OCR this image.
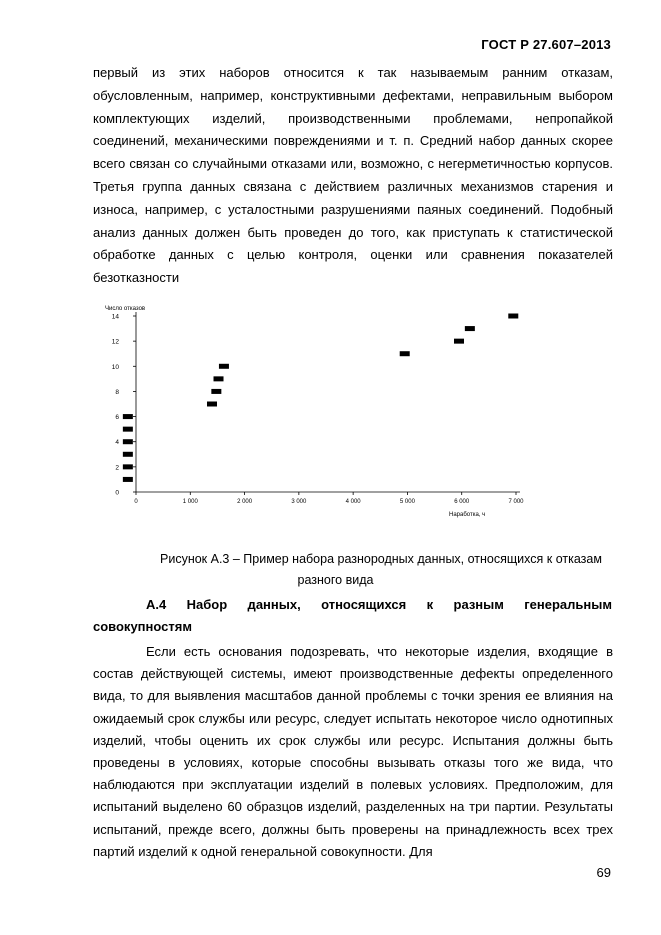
ГОСТ Р 27.607–2013

первый из этих наборов относится к так называемым ранним отказам, обусловленным, например, конструктивными дефектами, неправильным выбором комплектующих изделий, производственными проблемами, непропайкой соединений, механическими повреждениями и т. п. Средний набор данных скорее всего связан со случайными отказами или, возможно, с негерметичностью корпусов. Третья группа данных связана с действием различных механизмов старения и износа, например, с усталостными разрушениями паяных соединений. Подобный анализ данных должен быть проведен до того, как приступать к статистической обработке данных с целью контроля, оценки или сравнения показателей безотказности

0
2
4
6
8
10
12
14
0	1 000	2 000	3 000	4 000	5 000	6 000	7 000
Число отказов
Наработка, ч
Рисунок А.3 – Пример набора разнородных данных, относящихся к отказам
разного вида
А.4 Набор данных, относящихся к разным генеральным
совокупностям

Если есть основания подозревать, что некоторые изделия, входящие в состав действующей системы, имеют производственные дефекты определенного вида, то для выявления масштабов данной проблемы с точки зрения ее влияния на ожидаемый срок службы или ресурс, следует испытать некоторое число однотипных изделий, чтобы оценить их срок службы или ресурс. Испытания должны быть проведены в условиях, которые способны вызывать отказы того же вида, что наблюдаются при эксплуатации изделий в полевых условиях. Предположим, для испытаний выделено 60 образцов изделий, разделенных на три партии. Результаты испытаний, прежде всего, должны быть проверены на принадлежность всех трех партий изделий к одной генеральной совокупности. Для

69
